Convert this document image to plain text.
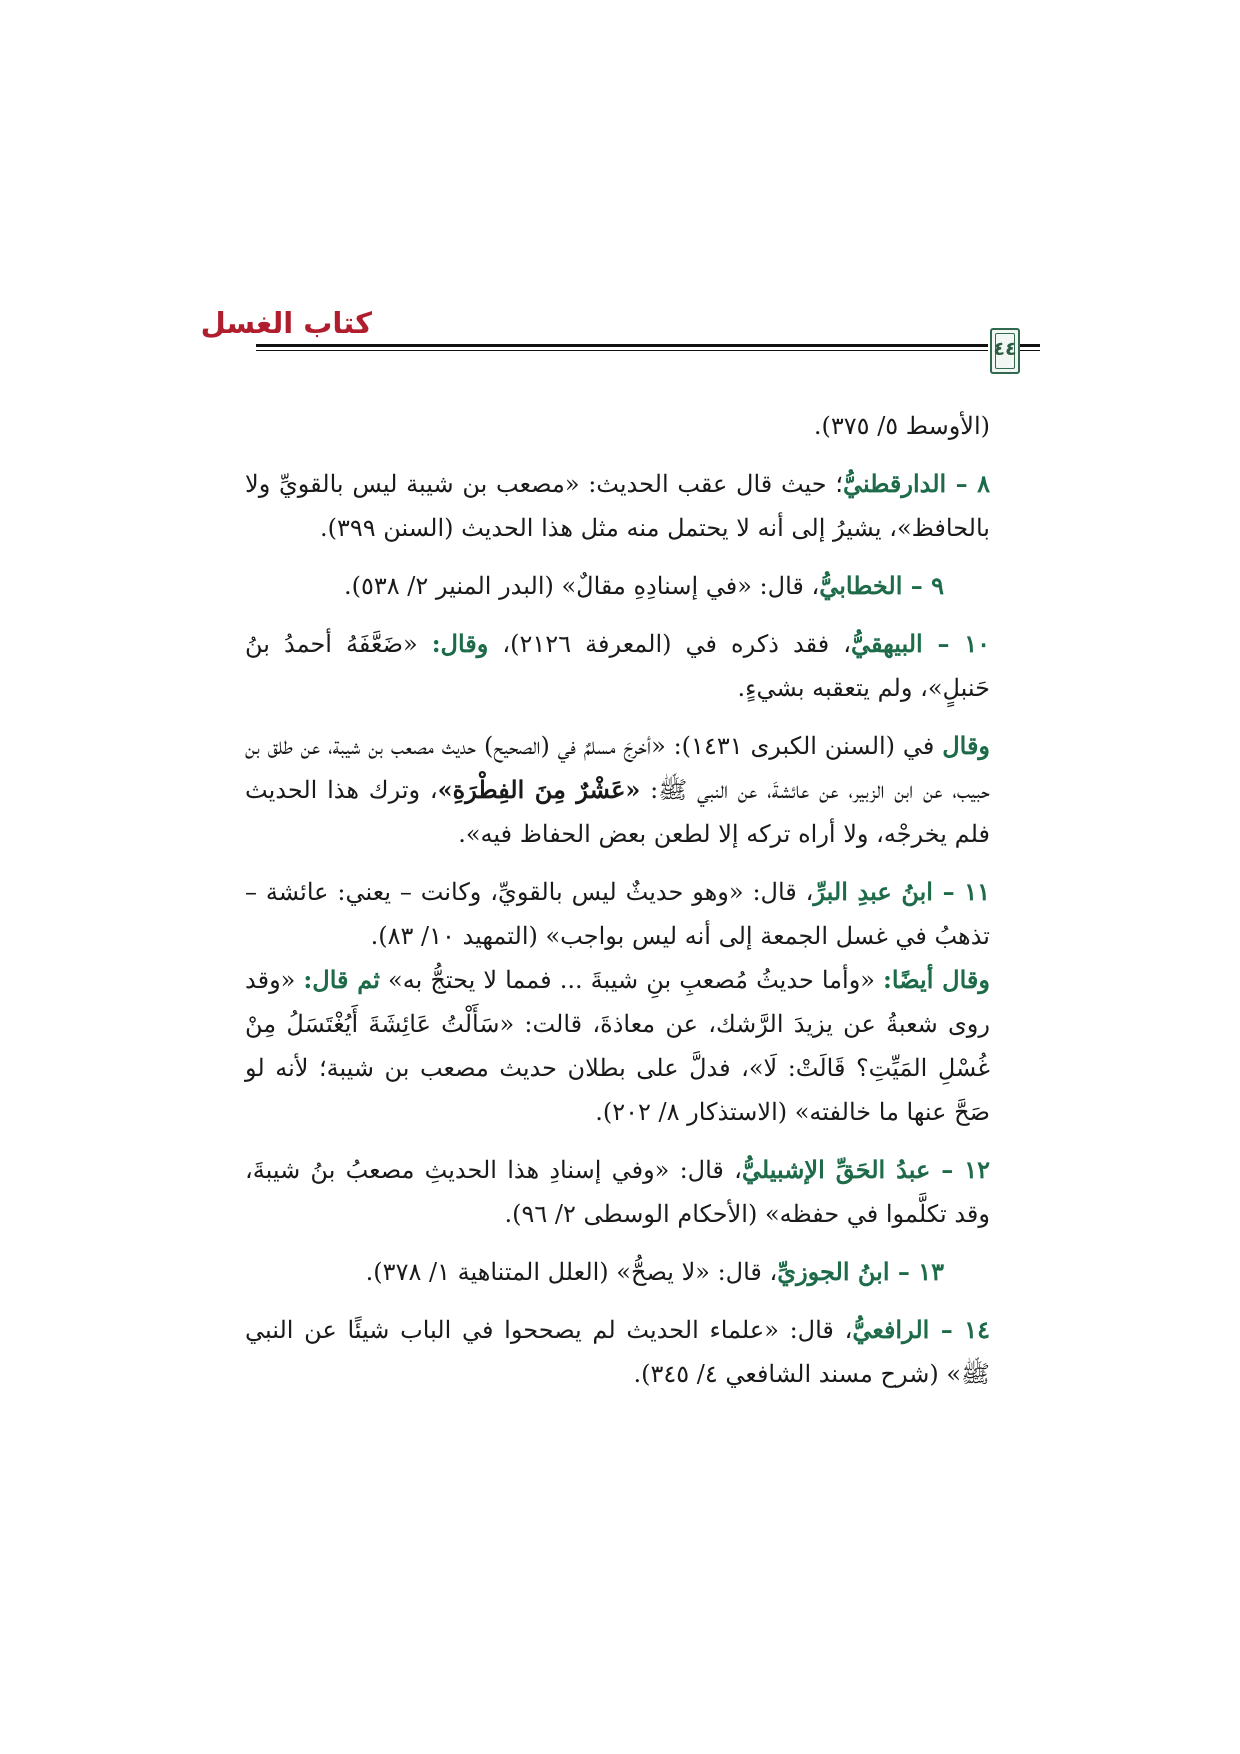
كتاب الغسل
٤٤

(الأوسط ٥/ ٣٧٥).

٨ – الدارقطنيُّ؛ حيث قال عقب الحديث: «مصعب بن شيبة ليس بالقويِّ ولا بالحافظ»، يشيرُ إلى أنه لا يحتمل منه مثل هذا الحديث (السنن ٣٩٩).

٩ – الخطابيُّ، قال: «في إسنادِهِ مقالٌ» (البدر المنير ٢/ ٥٣٨).

١٠ – البيهقيُّ، فقد ذكره في (المعرفة ٢١٢٦)، وقال: «ضَعَّفَهُ أحمدُ بنُ حَنبلٍ»، ولم يتعقبه بشيءٍ.

وقال في (السنن الكبرى ١٤٣١): «أخرجَ مسلمٌ في (الصحيح) حديث مصعب بن شيبة، عن طلق بن حبيب، عن ابن الزبير، عن عائشةَ، عن النبي ﷺ: «عَشْرٌ مِنَ الفِطْرَةِ»، وترك هذا الحديث فلم يخرجْه، ولا أراه تركه إلا لطعن بعض الحفاظ فيه».

١١ – ابنُ عبدِ البرِّ، قال: «وهو حديثٌ ليس بالقويِّ، وكانت – يعني: عائشة – تذهبُ في غسل الجمعة إلى أنه ليس بواجب» (التمهيد ١٠/ ٨٣).
وقال أيضًا: «وأما حديثُ مُصعبِ بنِ شيبةَ ... فمما لا يحتجُّ به» ثم قال: «وقد روى شعبةُ عن يزيدَ الرَّشك، عن معاذةَ، قالت: «سَأَلْتُ عَائِشَةَ أَيُغْتَسَلُ مِنْ غُسْلِ المَيِّتِ؟ قَالَتْ: لَا»، فدلَّ على بطلان حديث مصعب بن شيبة؛ لأنه لو صَحَّ عنها ما خالفته» (الاستذكار ٨/ ٢٠٢).

١٢ – عبدُ الحَقِّ الإشبيليُّ، قال: «وفي إسنادِ هذا الحديثِ مصعبُ بنُ شيبةَ، وقد تكلَّموا في حفظه» (الأحكام الوسطى ٢/ ٩٦).

١٣ – ابنُ الجوزيِّ، قال: «لا يصحُّ» (العلل المتناهية ١/ ٣٧٨).

١٤ – الرافعيُّ، قال: «علماء الحديث لم يصححوا في الباب شيئًا عن النبي ﷺ» (شرح مسند الشافعي ٤/ ٣٤٥).
